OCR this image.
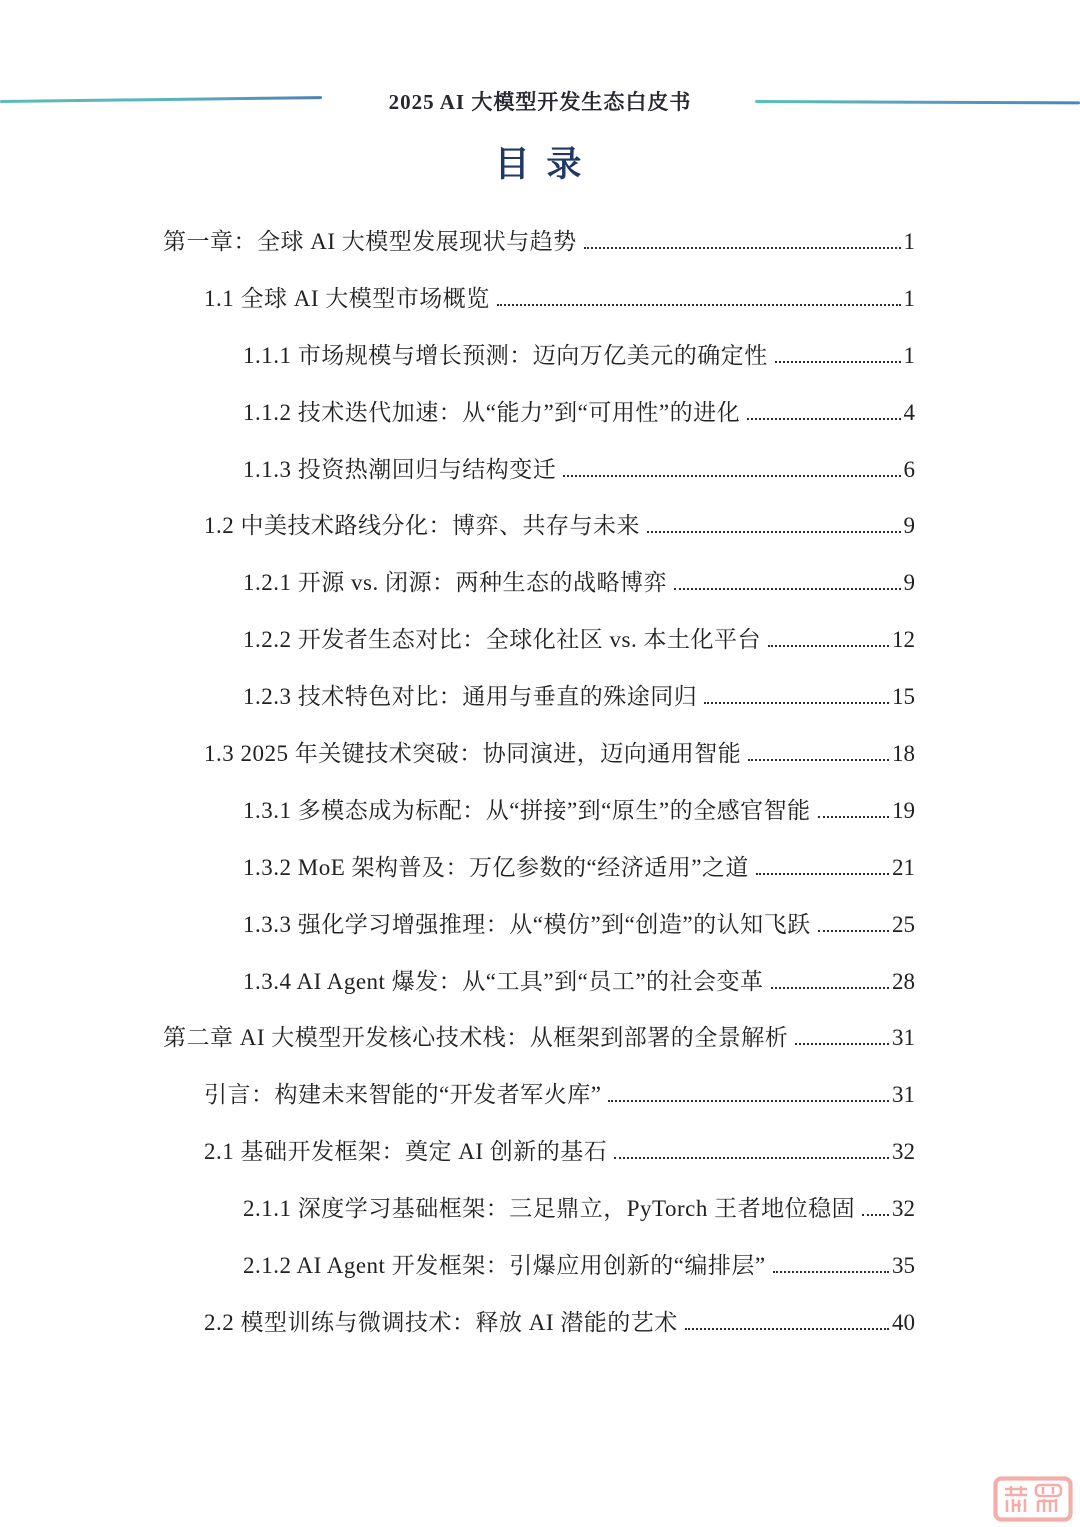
2025 AI 大模型开发生态白皮书
目 录
第一章：全球 AI 大模型发展现状与趋势	1
1.1 全球 AI 大模型市场概览	1
1.1.1 市场规模与增长预测：迈向万亿美元的确定性	1
1.1.2 技术迭代加速：从“能力”到“可用性”的进化	4
1.1.3 投资热潮回归与结构变迁	6
1.2 中美技术路线分化：博弈、共存与未来	9
1.2.1 开源 vs. 闭源：两种生态的战略博弈	9
1.2.2 开发者生态对比：全球化社区 vs. 本土化平台	12
1.2.3 技术特色对比：通用与垂直的殊途同归	15
1.3 2025 年关键技术突破：协同演进，迈向通用智能	18
1.3.1 多模态成为标配：从“拼接”到“原生”的全感官智能	19
1.3.2 MoE 架构普及：万亿参数的“经济适用”之道	21
1.3.3 强化学习增强推理：从“模仿”到“创造”的认知飞跃	25
1.3.4 AI Agent 爆发：从“工具”到“员工”的社会变革	28
第二章 AI 大模型开发核心技术栈：从框架到部署的全景解析	31
引言：构建未来智能的“开发者军火库”	31
2.1 基础开发框架：奠定 AI 创新的基石	32
2.1.1 深度学习基础框架：三足鼎立，PyTorch 王者地位稳固 32
2.1.2 AI Agent 开发框架：引爆应用创新的“编排层”	35
2.2 模型训练与微调技术：释放 AI 潜能的艺术	40
